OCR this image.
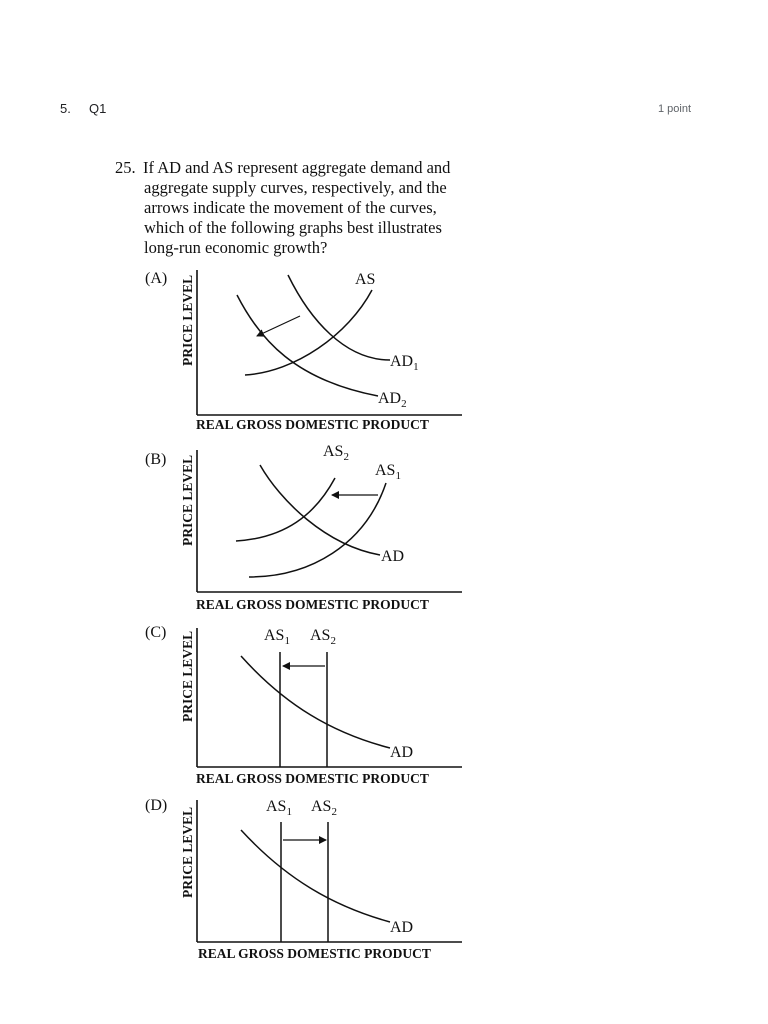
5. Q1	1 point
25. If AD and AS represent aggregate demand and
aggregate supply curves, respectively, and the
arrows indicate the movement of the curves,
which of the following graphs best illustrates
long-run economic growth?
(A) PRICE LEVEL
REAL GROSS DOMESTIC PRODUCT
AS
$AD_1$
$AD_2$
(B) PRICE LEVEL
REAL GROSS DOMESTIC PRODUCT
$AS_2$
$AS_1$
AD
(C) PRICE LEVEL
REAL GROSS DOMESTIC PRODUCT
$AS_1$ $AS_2$
AD
(D)
PRICE LEVEL
REAL GROSS DOMESTIC PRODUCT
$AS_1$ $AS_2$
AD
